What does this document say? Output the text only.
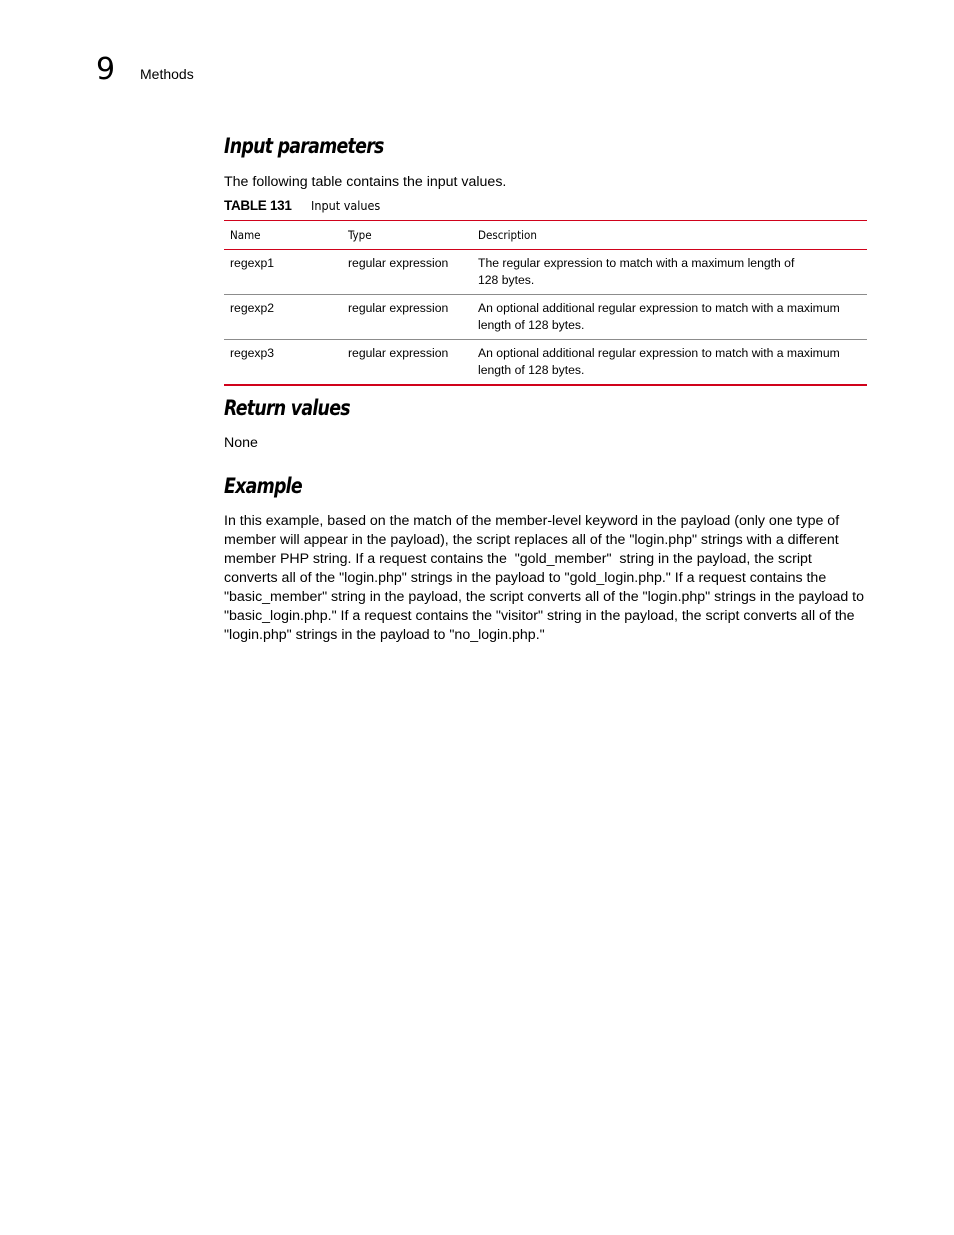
9 Methods
Input parameters

The following table contains the input values.

TABLE 131 Input values
Name	Type	Description
regexp1	regular expression	The regular expression to match with a maximum length of 128 bytes.
regexp2	regular expression	An optional additional regular expression to match with a maximum length of 128 bytes.
regexp3	regular expression	An optional additional regular expression to match with a maximum length of 128 bytes.
Return values

None

Example

In this example, based on the match of the member-level keyword in the payload (only one type of member will appear in the payload), the script replaces all of the "login.php" strings with a different member PHP string. If a request contains the  "gold_member"  string in the payload, the script converts all of the "login.php" strings in the payload to "gold_login.php." If a request contains the "basic_member" string in the payload, the script converts all of the "login.php" strings in the payload to "basic_login.php." If a request contains the "visitor" string in the payload, the script converts all of the "login.php" strings in the payload to "no_login.php."
